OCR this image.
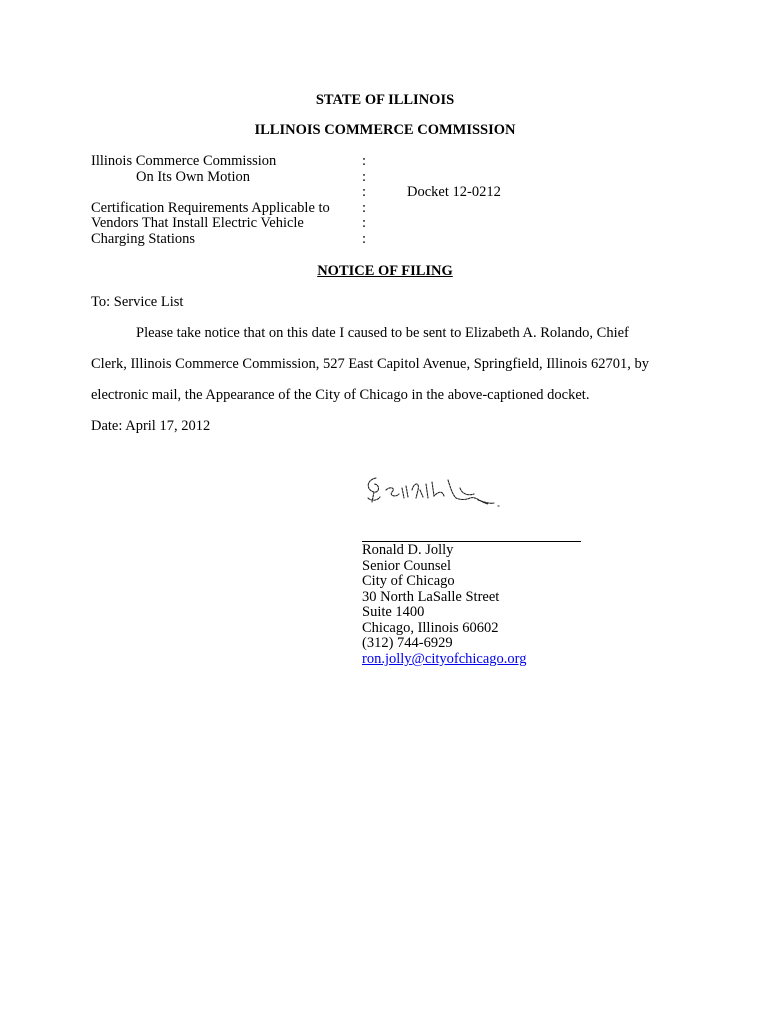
STATE OF ILLINOIS
ILLINOIS COMMERCE COMMISSION
Illinois Commerce Commission
On Its Own Motion
Certification Requirements Applicable to
Vendors That Install Electric Vehicle
Charging Stations
:
:
:
:
:
:
Docket 12-0212
NOTICE OF FILING
To: Service List
Please take notice that on this date I caused to be sent to Elizabeth A. Rolando, Chief
Clerk, Illinois Commerce Commission, 527 East Capitol Avenue, Springfield, Illinois 62701, by
electronic mail, the Appearance of the City of Chicago in the above-captioned docket.
Date: April 17, 2012
Ronald D. Jolly
Senior Counsel
City of Chicago
30 North LaSalle Street
Suite 1400
Chicago, Illinois 60602
(312) 744-6929
ron.jolly@cityofchicago.org
